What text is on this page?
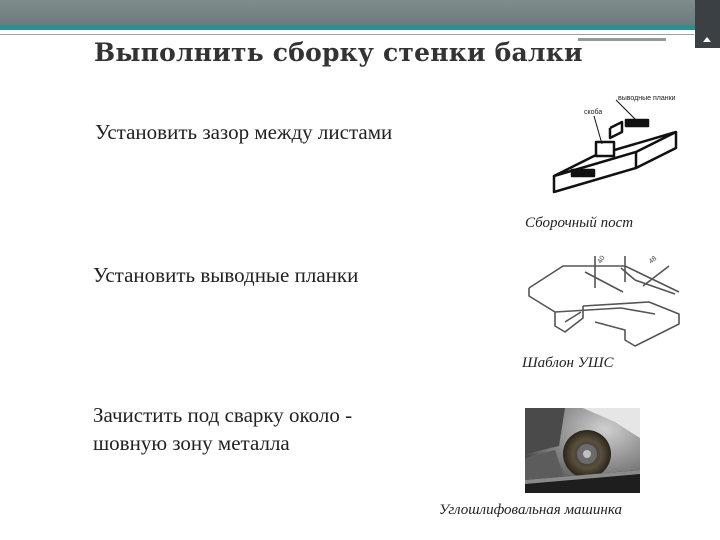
Выполнить сборку стенки балки
Установить зазор между листами
Установить выводные планки
Зачистить под сварку около -
шовную зону металла
скоба
выводные планки
Сборочный пост
40	48
Шаблон УШС
Углошлифовальная машинка
